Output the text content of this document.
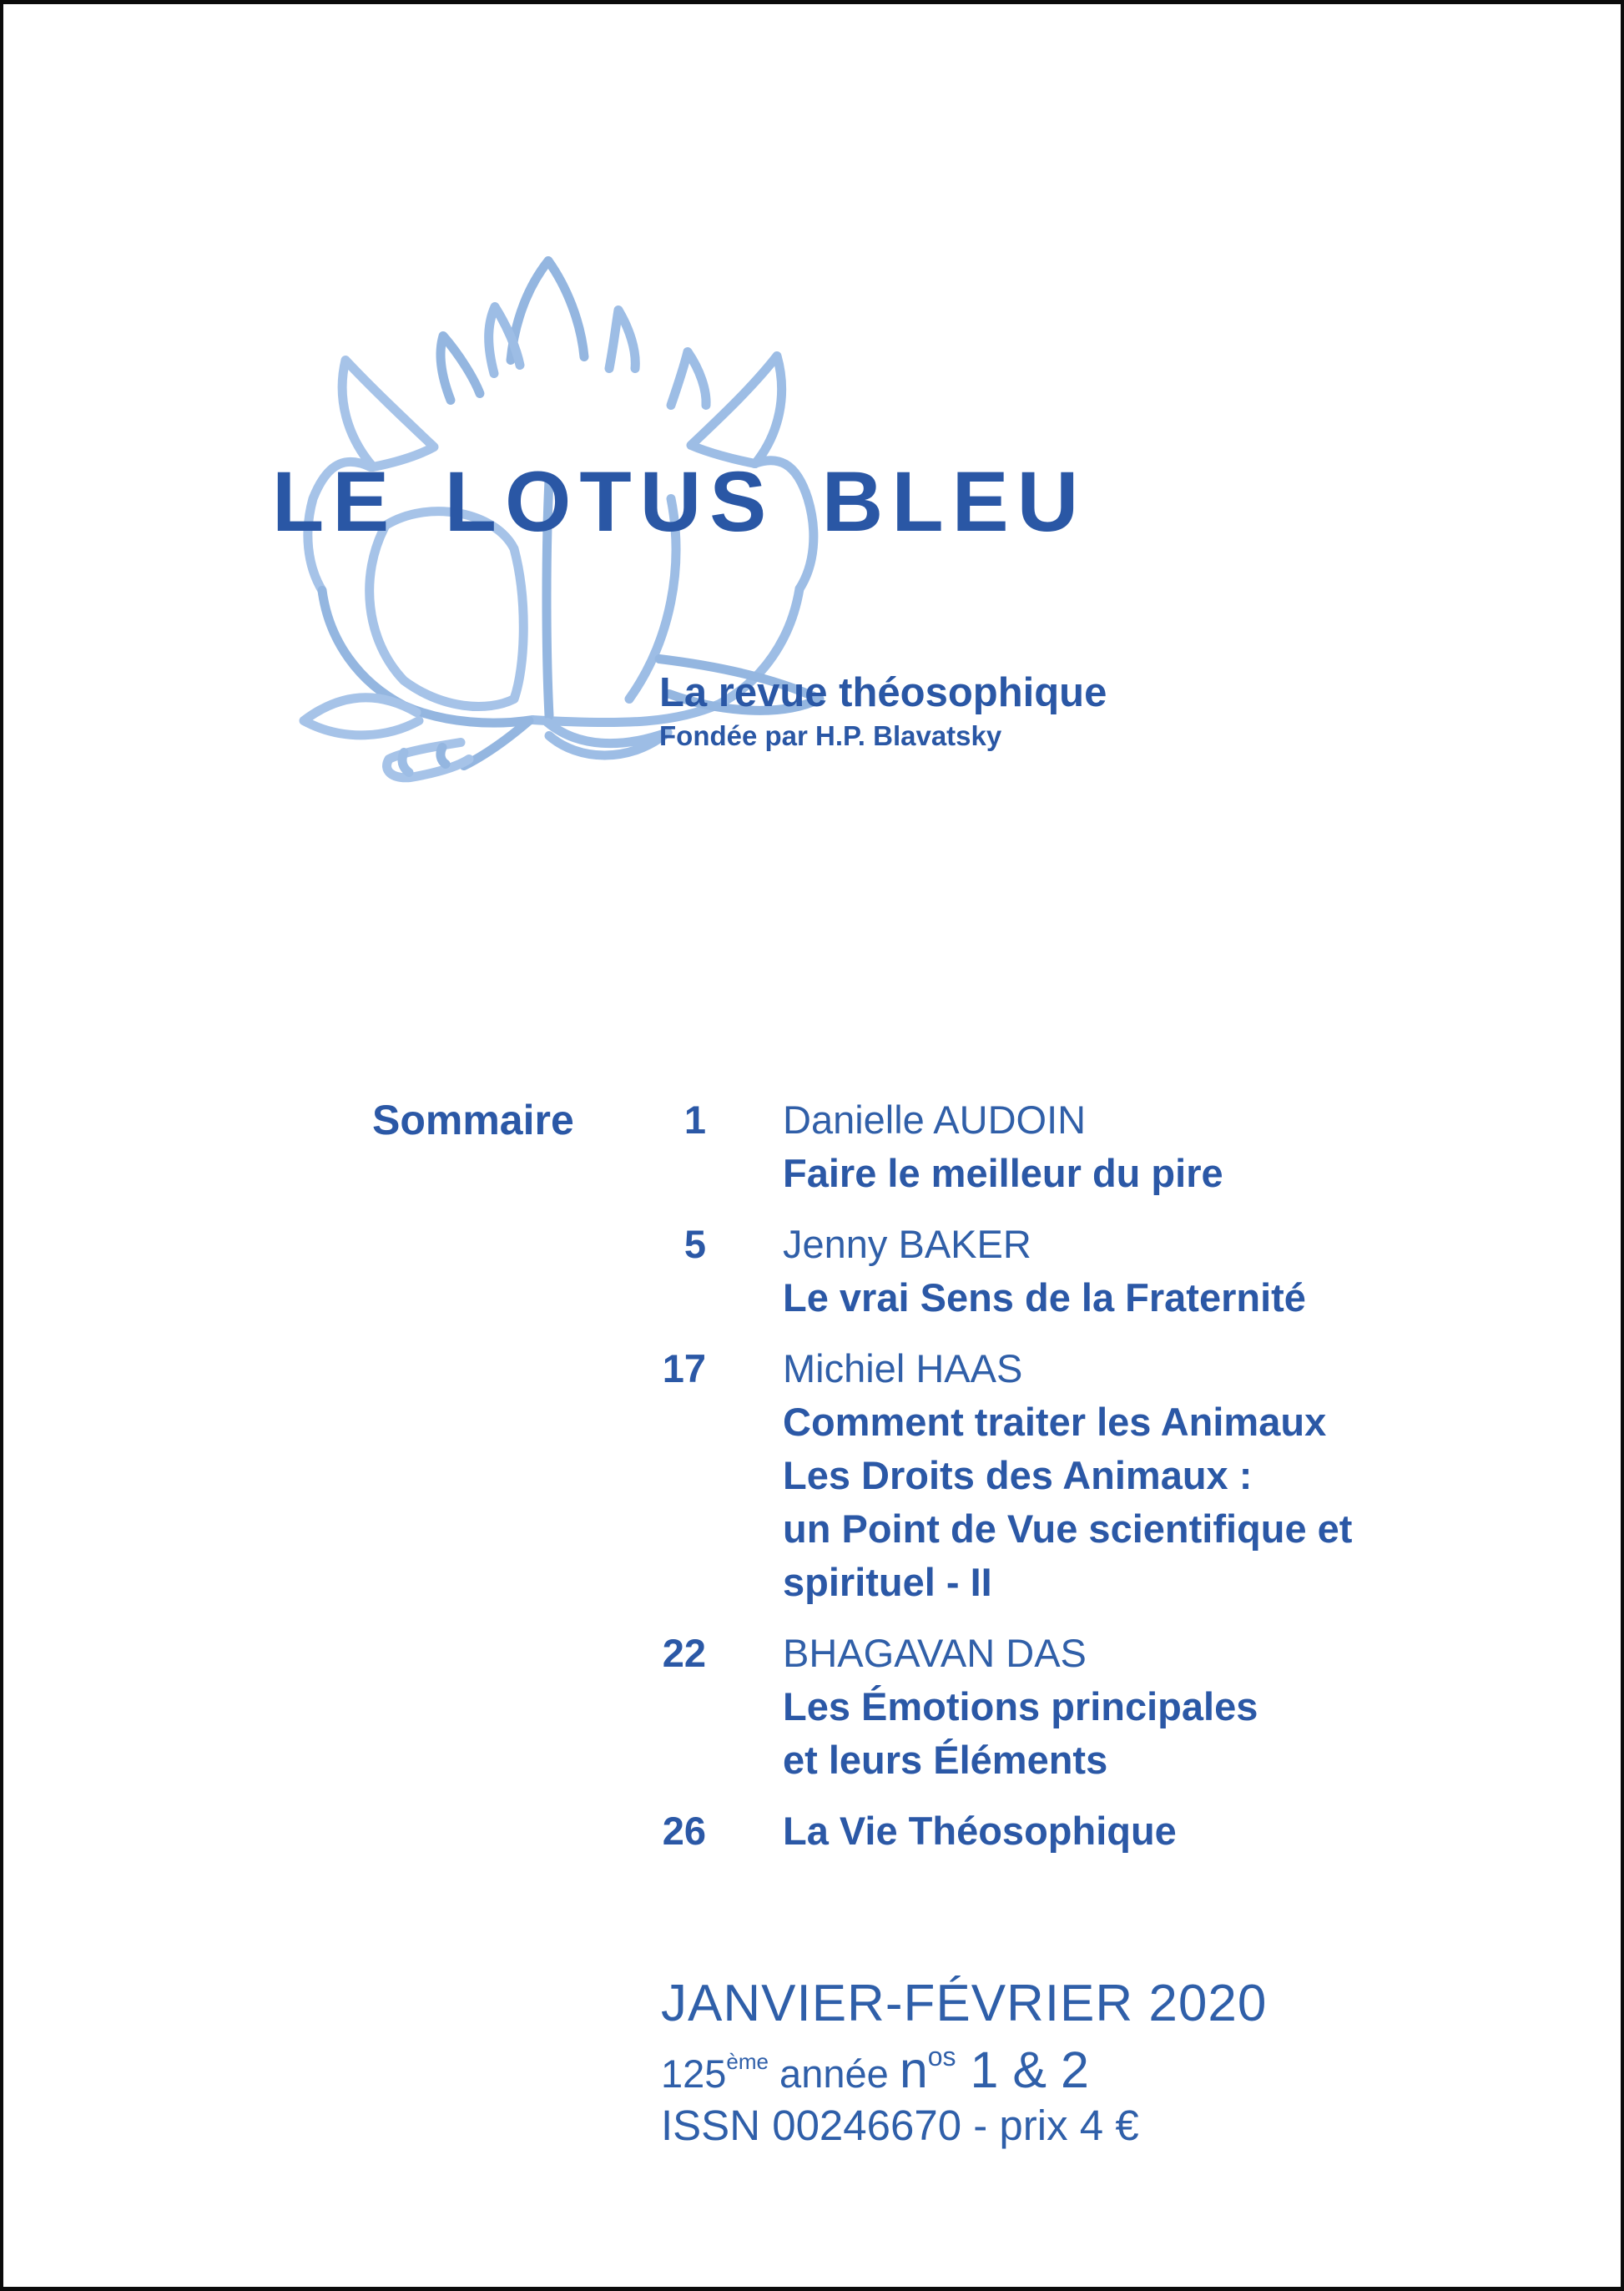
LE LOTUS BLEU
La revue théosophique
Fondée par H.P. Blavatsky
Sommaire	1 Danielle AUDOIN
Faire le meilleur du pire
5 Jenny BAKER
Le vrai Sens de la Fraternité
17 Michiel HAAS
Comment traiter les Animaux
Les Droits des Animaux :
un Point de Vue scientifique et
spirituel - II
22 BHAGAVAN DAS
Les Émotions principales
et leurs Éléments
26 La Vie Théosophique
JANVIER-FÉVRIER 2020
125ème année $n^{os}$ 1 & 2
ISSN 00246670 - prix 4 €
